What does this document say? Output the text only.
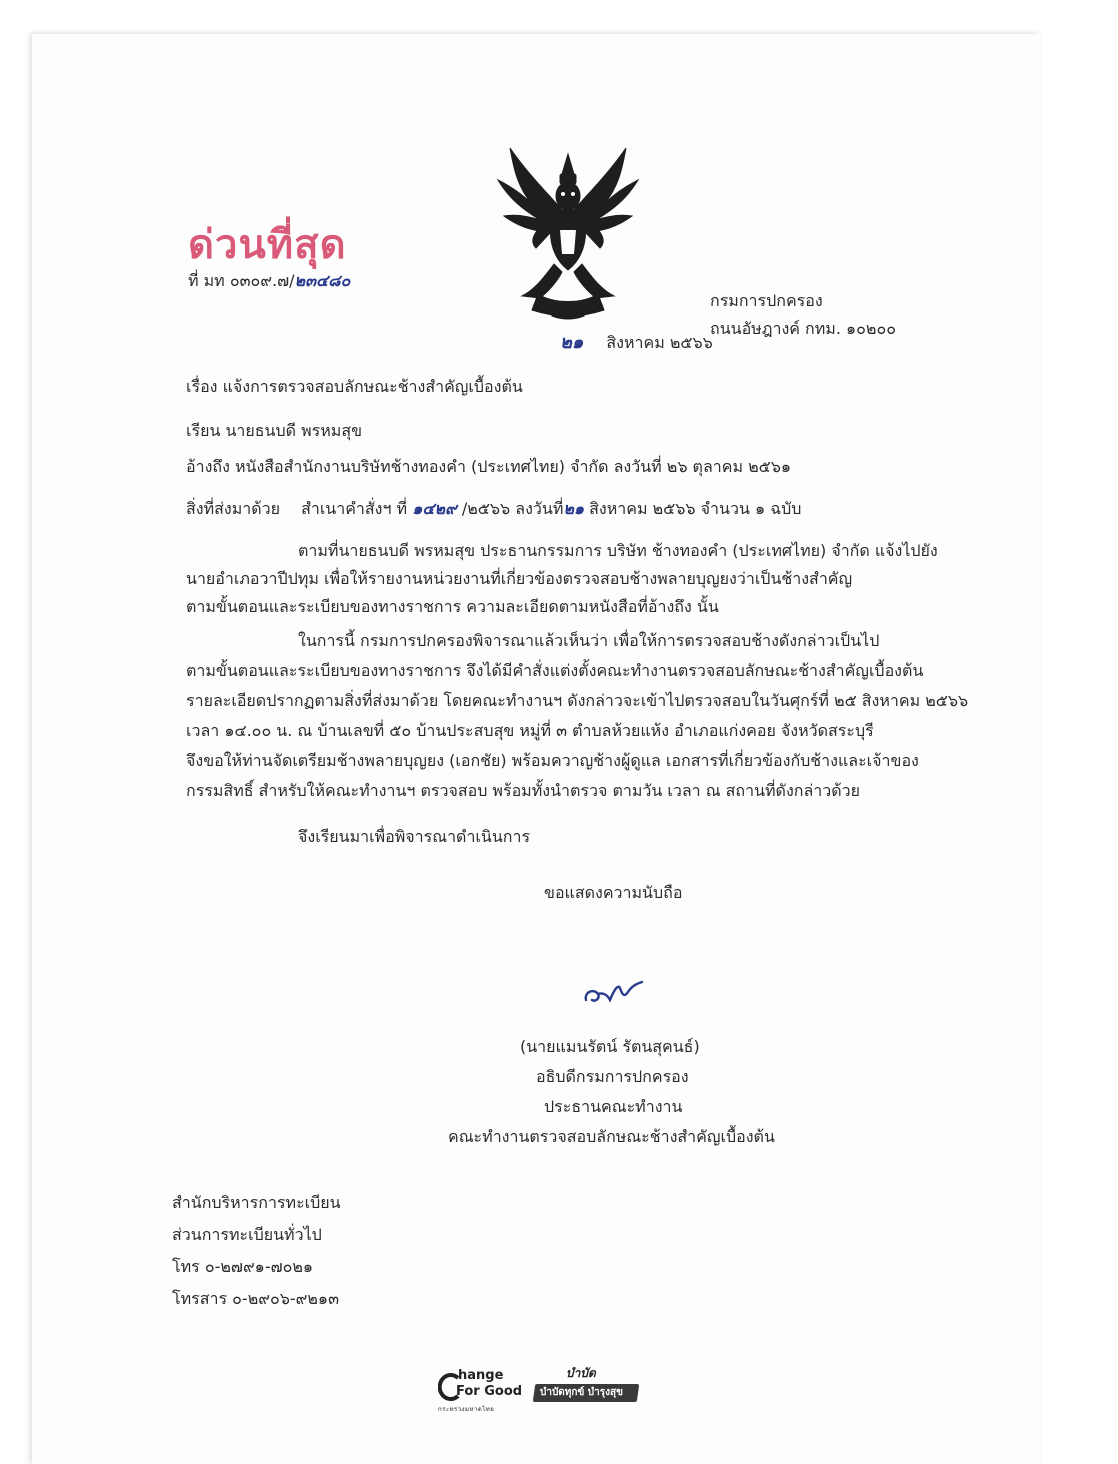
ด่วนที่สุด
ที่ มท ๐๓๐๙.๗/๒๓๔๘๐
กรมการปกครอง
ถนนอัษฎางค์ กทม. ๑๐๒๐๐
๒๑ สิงหาคม ๒๕๖๖
เรื่อง แจ้งการตรวจสอบลักษณะช้างสำคัญเบื้องต้น
เรียน นายธนบดี พรหมสุข
อ้างถึง หนังสือสำนักงานบริษัทช้างทองคำ (ประเทศไทย) จำกัด ลงวันที่ ๒๖ ตุลาคม ๒๕๖๑
สิ่งที่ส่งมาด้วย สำเนาคำสั่งฯ ที่ ๑๔๒๙ /๒๕๖๖ ลงวันที่๒๑ สิงหาคม ๒๕๖๖ จำนวน ๑ ฉบับ
ตามที่นายธนบดี พรหมสุข ประธานกรรมการ บริษัท ช้างทองคำ (ประเทศไทย) จำกัด แจ้งไปยัง
นายอำเภอวาปีปทุม เพื่อให้รายงานหน่วยงานที่เกี่ยวข้องตรวจสอบช้างพลายบุญยงว่าเป็นช้างสำคัญ
ตามขั้นตอนและระเบียบของทางราชการ ความละเอียดตามหนังสือที่อ้างถึง นั้น
ในการนี้ กรมการปกครองพิจารณาแล้วเห็นว่า เพื่อให้การตรวจสอบช้างดังกล่าวเป็นไป
ตามขั้นตอนและระเบียบของทางราชการ จึงได้มีคำสั่งแต่งตั้งคณะทำงานตรวจสอบลักษณะช้างสำคัญเบื้องต้น
รายละเอียดปรากฏตามสิ่งที่ส่งมาด้วย โดยคณะทำงานฯ ดังกล่าวจะเข้าไปตรวจสอบในวันศุกร์ที่ ๒๕ สิงหาคม ๒๕๖๖
เวลา ๑๔.๐๐ น. ณ บ้านเลขที่ ๕๐ บ้านประสบสุข หมู่ที่ ๓ ตำบลห้วยแห้ง อำเภอแก่งคอย จังหวัดสระบุรี
จึงขอให้ท่านจัดเตรียมช้างพลายบุญยง (เอกชัย) พร้อมควาญช้างผู้ดูแล เอกสารที่เกี่ยวข้องกับช้างและเจ้าของ
กรรมสิทธิ์ สำหรับให้คณะทำงานฯ ตรวจสอบ พร้อมทั้งนำตรวจ ตามวัน เวลา ณ สถานที่ดังกล่าวด้วย
จึงเรียนมาเพื่อพิจารณาดำเนินการ
ขอแสดงความนับถือ
(นายแมนรัตน์ รัตนสุคนธ์)
อธิบดีกรมการปกครอง
ประธานคณะทำงาน
คณะทำงานตรวจสอบลักษณะช้างสำคัญเบื้องต้น
สำนักบริหารการทะเบียน
ส่วนการทะเบียนทั่วไป
โทร ๐-๒๗๙๑-๗๐๒๑
โทรสาร ๐-๒๙๐๖-๙๒๑๓
hange
For Good
กระทรวงมหาดไทย
บำบัด
บำบัดทุกข์ บำรุงสุข
